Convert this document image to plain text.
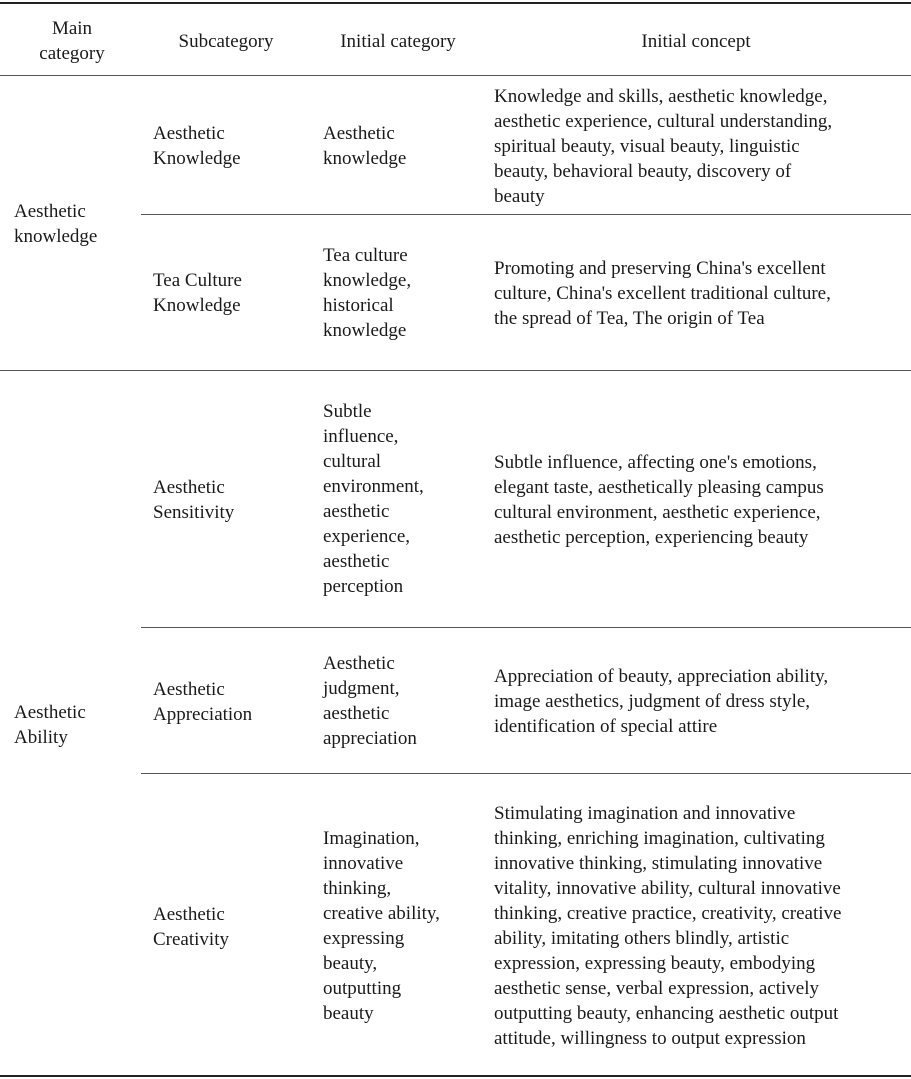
Main
category
Subcategory	Initial category	Initial concept
Aesthetic
knowledge
Aesthetic
Knowledge
Aesthetic
knowledge
Knowledge and skills, aesthetic knowledge,
aesthetic experience, cultural understanding,
spiritual beauty, visual beauty, linguistic
beauty, behavioral beauty, discovery of
beauty
Tea Culture
Knowledge
Tea culture
knowledge,
historical
knowledge
Promoting and preserving China's excellent
culture, China's excellent traditional culture,
the spread of Tea, The origin of Tea
Aesthetic
Ability
Aesthetic
Sensitivity
Subtle
influence,
cultural
environment,
aesthetic
experience,
aesthetic
perception
Subtle influence, affecting one's emotions,
elegant taste, aesthetically pleasing campus
cultural environment, aesthetic experience,
aesthetic perception, experiencing beauty
Aesthetic
Appreciation
Aesthetic
judgment,
aesthetic
appreciation
Appreciation of beauty, appreciation ability,
image aesthetics, judgment of dress style,
identification of special attire
Aesthetic
Creativity
Imagination,
innovative
thinking,
creative ability,
expressing
beauty,
outputting
beauty
Stimulating imagination and innovative
thinking, enriching imagination, cultivating
innovative thinking, stimulating innovative
vitality, innovative ability, cultural innovative
thinking, creative practice, creativity, creative
ability, imitating others blindly, artistic
expression, expressing beauty, embodying
aesthetic sense, verbal expression, actively
outputting beauty, enhancing aesthetic output
attitude, willingness to output expression
